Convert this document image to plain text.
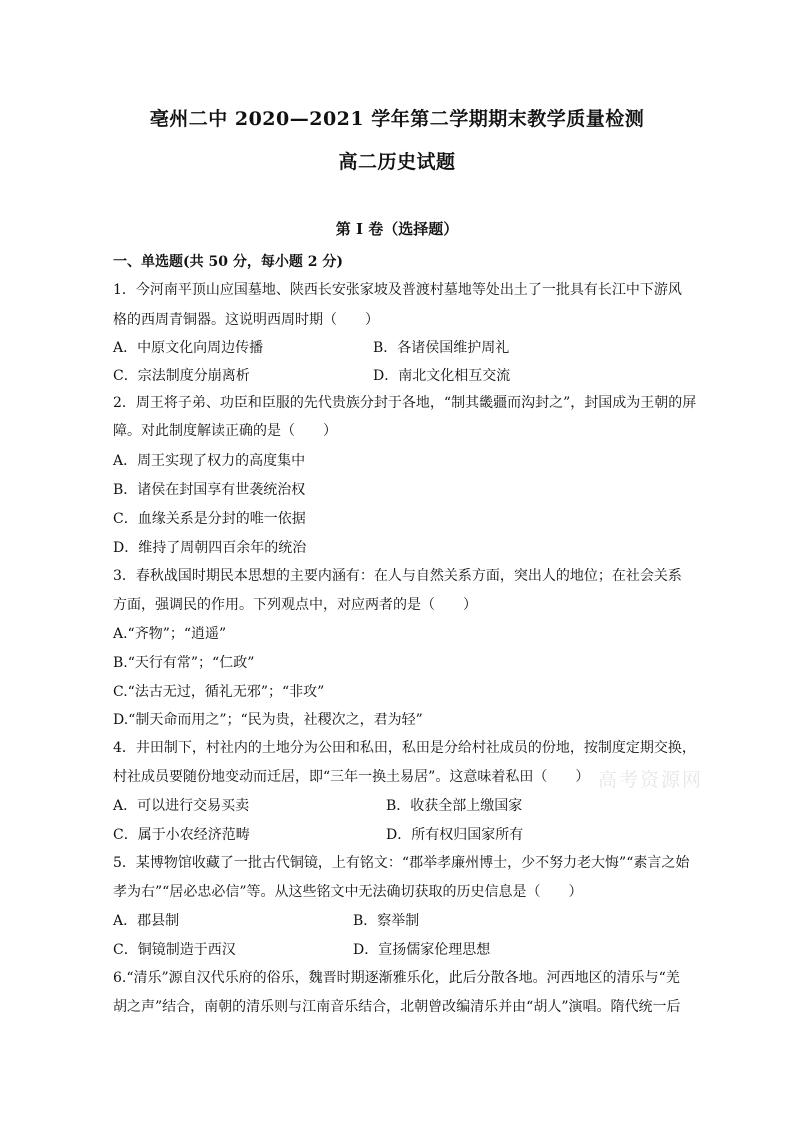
亳州二中 2020—2021 学年第二学期期末教学质量检测
高二历史试题
第 I 卷（选择题）
一、单选题(共 50 分，每小题 2 分)
高考资源网
1．今河南平顶山应国墓地、陕西长安张家坡及普渡村墓地等处出土了一批具有长江中下游风
格的西周青铜器。这说明西周时期（　　）
A．中原文化向周边传播	B．各诸侯国维护周礼
C．宗法制度分崩离析	D．南北文化相互交流
2．周王将子弟、功臣和臣服的先代贵族分封于各地，“制其畿疆而沟封之”，封国成为王朝的屏
障。对此制度解读正确的是（　　）
A．周王实现了权力的高度集中
B．诸侯在封国享有世袭统治权
C．血缘关系是分封的唯一依据
D．维持了周朝四百余年的统治
3．春秋战国时期民本思想的主要内涵有：在人与自然关系方面，突出人的地位；在社会关系
方面，强调民的作用。下列观点中，对应两者的是（　　）
A.“齐物”；“逍遥”
B.“天行有常”；“仁政”
C.“法古无过，循礼无邪”；“非攻”
D.“制天命而用之”；“民为贵，社稷次之，君为轻”
4．井田制下，村社内的土地分为公田和私田，私田是分给村社成员的份地，按制度定期交换，
村社成员要随份地变动而迁居，即“三年一换土易居”。这意味着私田（　　）
A．可以进行交易买卖	B．收获全部上缴国家
C．属于小农经济范畴	D．所有权归国家所有
5．某博物馆收藏了一批古代铜镜，上有铭文：“郡举孝廉州博士，少不努力老大悔”“素言之始
孝为右”“居必忠必信”等。从这些铭文中无法确切获取的历史信息是（　　）
A．郡县制	B．察举制
C．铜镜制造于西汉	D．宣扬儒家伦理思想
6.“清乐”源自汉代乐府的俗乐，魏晋时期逐渐雅乐化，此后分散各地。河西地区的清乐与“羌
胡之声”结合，南朝的清乐则与江南音乐结合，北朝曾改编清乐并由“胡人”演唱。隋代统一后
